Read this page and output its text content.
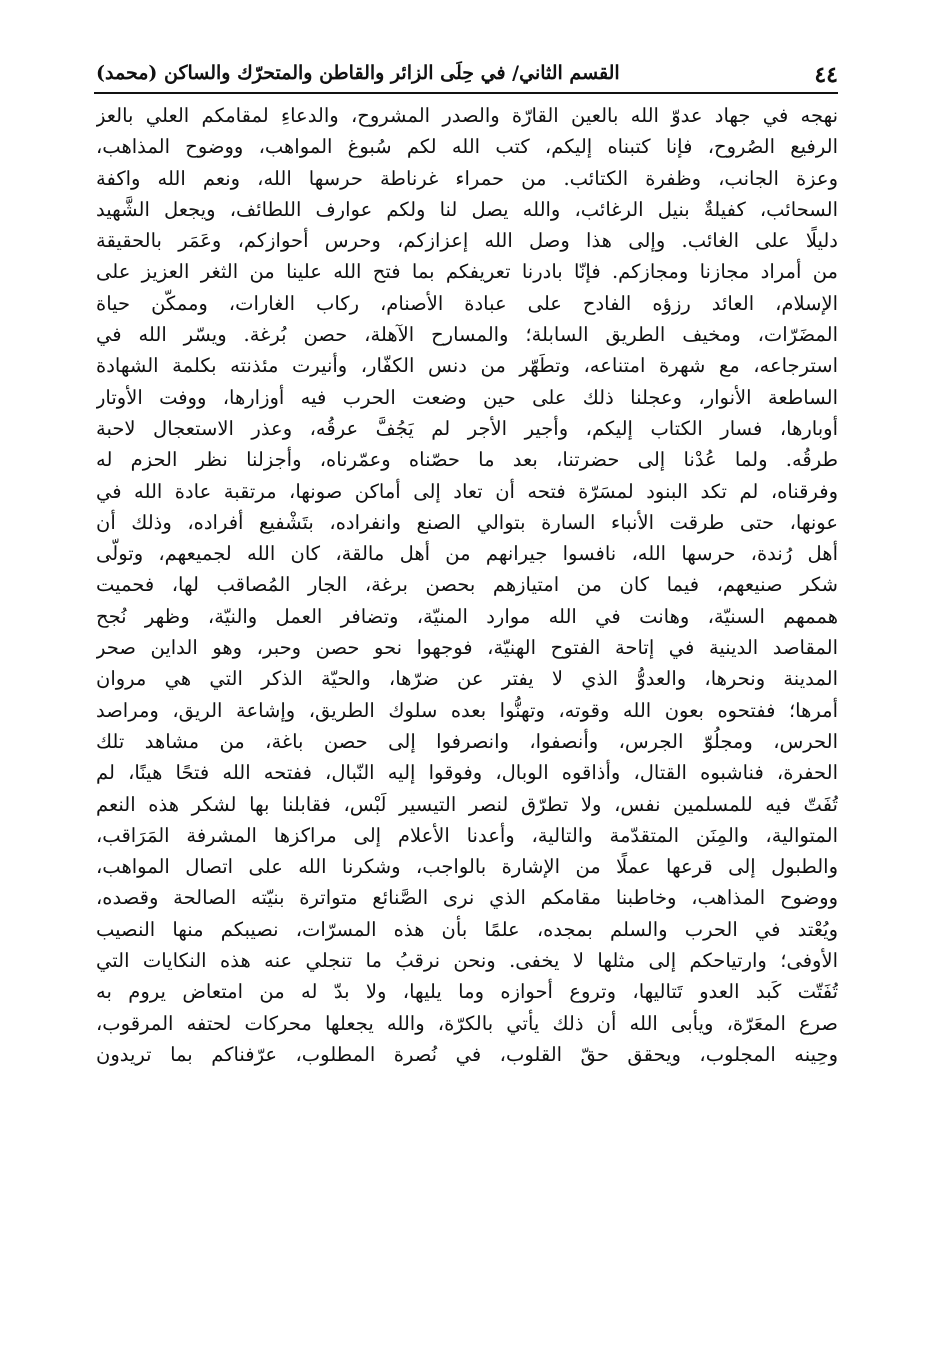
٤٤
القسم الثاني/ في حِلَى الزائر والقاطن والمتحرّك والساكن (محمد)
نهجه في جهاد عدوّ الله بالعين القارّة والصدر المشروح، والدعاءِ لمقامكم العلي بالعز
الرفيع الصُروح، فإنا كتبناه إليكم، كتب الله لكم سُبوغ المواهب، ووضوح المذاهب،
وعزة الجانب، وظفرة الكتائب. من حمراء غرناطة حرسها الله، ونعم الله واكفة
السحائب، كفيلةٌ بنيل الرغائب، والله يصل لنا ولكم عوارف اللطائف، ويجعل الشَّهيد
دليلًا على الغائب. وإلى هذا وصل الله إعزازكم، وحرس أحوازكم، وعَمَر بالحقيقة
من أمراد مجازنا ومجازكم. فإنّا بادرنا تعريفكم بما فتح الله علينا من الثغر العزيز على
الإسلام، العائد رزؤه الفادح على عبادة الأصنام، ركاب الغارات، وممكّن حياة
المضَرّات، ومخيف الطريق السابلة؛ والمسارح الآهلة، حصن بُرغة. ويسّر الله في
استرجاعه، مع شهرة امتناعه، وتطَهّر من دنس الكفّار، وأنيرت مئذنته بكلمة الشهادة
الساطعة الأنوار، وعجلنا ذلك على حين وضعت الحرب فيه أوزارها، ووفت الأوتار
أوبارها، فسار الكتاب إليكم، وأجير الأجر لم يَجُفَّ عرقُه، وعذر الاستعجال لاحبة
طرقُه. ولما عُدْنا إلى حضرتنا، بعد ما حصّناه وعمّرناه، وأجزلنا نظر الحزم له
وفرقناه، لم تكد البنود لمسَرّة فتحه أن تعاد إلى أماكن صونها، مرتقبة عادة الله في
عونها، حتى طرقت الأنباء السارة بتوالي الصنع وانفراده، بتَشْفيع أفراده، وذلك أن
أهل رُندة، حرسها الله، نافسوا جيرانهم من أهل مالقة، كان الله لجميعهم، وتولّى
شكر صنيعهم، فيما كان من امتيازهم بحصن برغة، الجار المُصاقب لها، فحميت
هممهم السنيّة، وهانت في الله موارد المنيّة، وتضافر العمل والنيّة، وظهر نُجح
المقاصد الدينية في إتاحة الفتوح الهنيّة، فوجهوا نحو حصن وحبر، وهو الداين صحر
المدينة ونحرها، والعدوُّ الذي لا يفتر عن ضرّها، والحيّة الذكر التي هي مروان
أمرها؛ ففتحوه بعون الله وقوته، وتهنُّوا بعده سلوك الطريق، وإشاعة الريق، ومراصد
الحرس، ومجلُوّ الجرس، وأنصفوا، وانصرفوا إلى حصن باغة، من مشاهد تلك
الحفرة، فناشبوه القتال، وأذاقوه الوبال، وفوقوا إليه النّبال، ففتحه الله فتحًا هينًا، لم
تُفَتّ فيه للمسلمين نفس، ولا تطرّق لنصر التيسير لَبْس، فقابلنا بها لشكر هذه النعم
المتوالية، والمِنَن المتقدّمة والتالية، وأعدنا الأعلام إلى مراكزها المشرفة المَرَاقب،
والطبول إلى قرعها عملًا من الإشارة بالواجب، وشكرنا الله على اتصال المواهب،
ووضوح المذاهب، وخاطبنا مقامكم الذي نرى الصَّنائع متواترة بنيّته الصالحة وقصده،
ويُعْتد في الحرب والسلم بمجده، علمًا بأن هذه المسرّات، نصيبكم منها النصيب
الأوفى؛ وارتياحكم إلى مثلها لا يخفى. ونحن نرقبُ ما تنجلي عنه هذه النكايات التي
تُفَتّت كَبد العدو تَتاليها، وتروع أحوازه وما يليها، ولا بدّ له من امتعاض يروم به
صرع المعَرّة، ويأبى الله أن ذلك يأتي بالكرّة، والله يجعلها محركات لحتفه المرقوب،
وحِينه المجلوب، ويحقق حقّ القلوب، في نُصرة المطلوب، عرّفناكم بما تريدون
